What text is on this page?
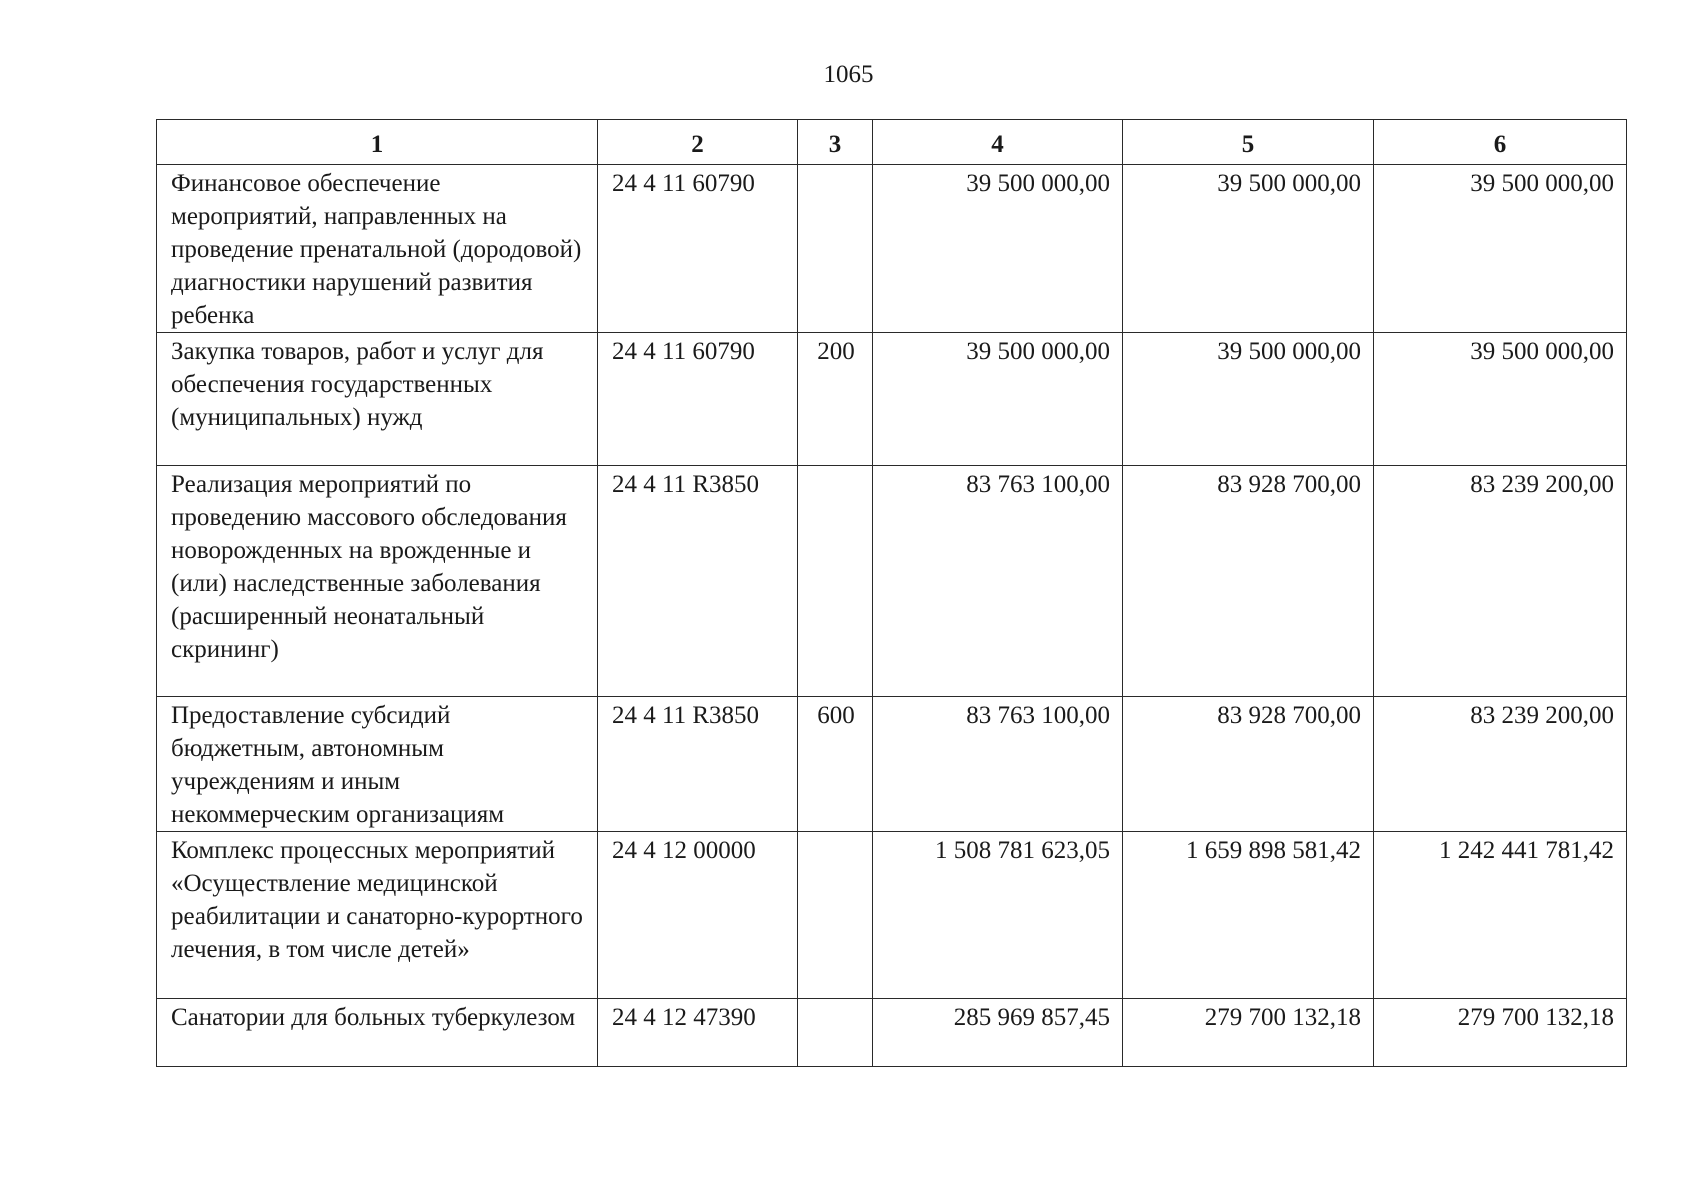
1065
1	2	3	4	5	6
Финансовое обеспечение мероприятий, направленных на проведение пренатальной (дородовой) диагностики нарушений развития ребенка	24 4 11 60790		39 500 000,00	39 500 000,00	39 500 000,00
Закупка товаров, работ и услуг для обеспечения государственных (муниципальных) нужд	24 4 11 60790	200	39 500 000,00	39 500 000,00	39 500 000,00
Реализация мероприятий по проведению массового обследования новорожденных на врожденные и (или) наследственные заболевания (расширенный неонатальный скрининг)	24 4 11 R3850		83 763 100,00	83 928 700,00	83 239 200,00
Предоставление субсидий бюджетным, автономным учреждениям и иным некоммерческим организациям	24 4 11 R3850	600	83 763 100,00	83 928 700,00	83 239 200,00
Комплекс процессных мероприятий «Осуществление медицинской реабилитации и санаторно-курортного лечения, в том числе детей»	24 4 12 00000		1 508 781 623,05	1 659 898 581,42	1 242 441 781,42
Санатории для больных туберкулезом	24 4 12 47390		285 969 857,45	279 700 132,18	279 700 132,18
